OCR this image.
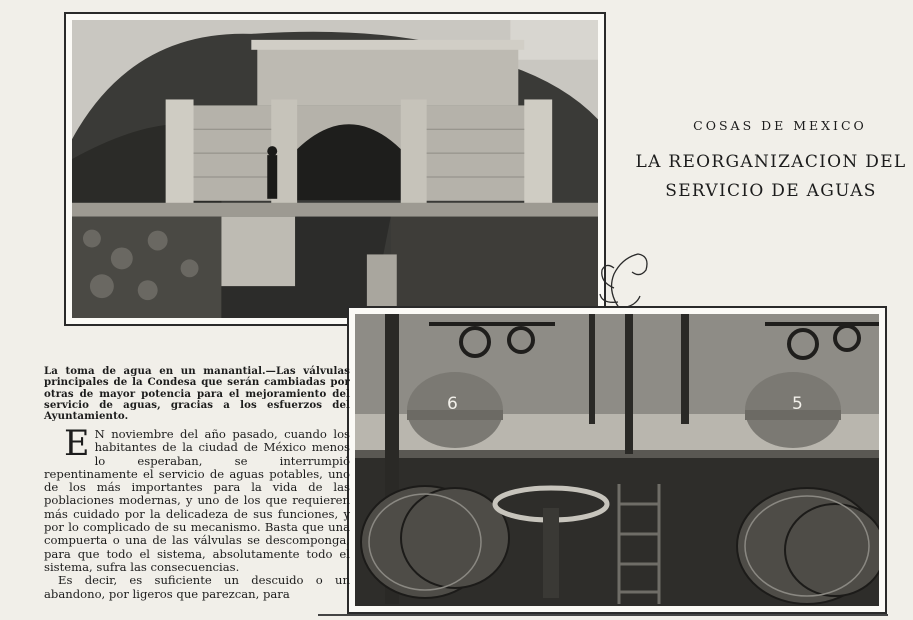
COSAS DE MEXICO
LA REORGANIZACION DEL
SERVICIO DE AGUAS
6	5
La toma de agua en un manantial.—Las válvulas principales de la Condesa que serán cambiadas por otras de mayor potencia para el mejoramiento del servicio de aguas, gracias a los esfuerzos del Ayuntamiento.

E N noviembre del año pasado, cuando los habitantes de la ciudad de México menos lo esperaban, se interrumpió repentinamente el servicio de aguas potables, uno de los más importantes para la vida de las poblaciones modernas, y uno de los que requieren más cuidado por la delicadeza de sus funciones, y por lo complicado de su mecanismo. Basta que una compuerta o una de las válvulas se descomponga, para que todo el sistema, absolutamente todo el sistema, sufra las consecuencias.

Es decir, es suficiente un descuido o un abandono, por ligeros que parezcan, para
